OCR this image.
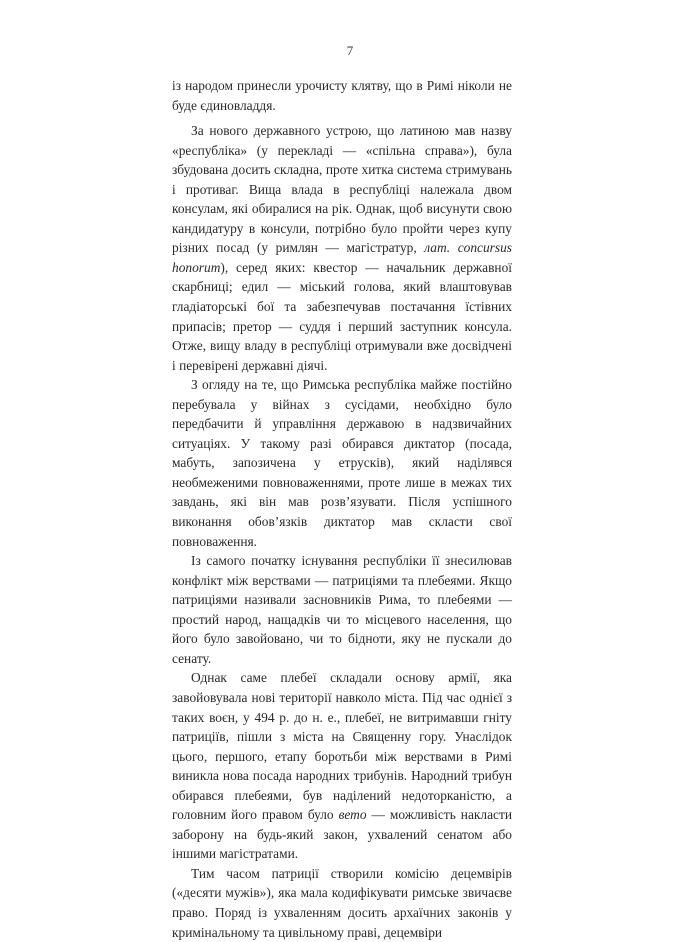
7

із народом принесли урочисту клятву, що в Римі ніколи не буде єдиновладдя.

За нового державного устрою, що латиною мав назву «республіка» (у перекладі — «спільна справа»), була збудована досить складна, проте хитка система стримувань і противаг. Вища влада в республіці належала двом консулам, які обиралися на рік. Однак, щоб висунути свою кандидатуру в консули, потрібно було пройти через купу різних посад (у римлян — магістратур, лат. concursus honorum), серед яких: квестор — начальник державної скарбниці; едил — міський голова, який влаштовував гладіаторські бої та забезпечував постачання їстівних припасів; претор — суддя і перший заступник консула. Отже, вищу владу в республіці отримували вже досвідчені і перевірені державні діячі.

З огляду на те, що Римська республіка майже постійно перебувала у війнах з сусідами, необхідно було передбачити й управління державою в надзвичайних ситуаціях. У такому разі обирався диктатор (посада, мабуть, запозичена у етрусків), який наділявся необмеженими повноваженнями, проте лише в межах тих завдань, які він мав розв’язувати. Після успішного виконання обов’язків диктатор мав скласти свої повноваження.

Із самого початку існування республіки її знесилював конфлікт між верствами — патриціями та плебеями. Якщо патриціями називали засновників Рима, то плебеями — простий народ, нащадків чи то місцевого населення, що його було завойовано, чи то бідноти, яку не пускали до сенату.

Однак саме плебеї складали основу армії, яка завойовувала нові території навколо міста. Під час однієї з таких воєн, у 494 р. до н. е., плебеї, не витримавши гніту патриціїв, пішли з міста на Священну гору. Унаслідок цього, першого, етапу боротьби між верствами в Римі виникла нова посада народних трибунів. Народний трибун обирався плебеями, був наділений недоторканістю, а головним його правом було вето — можливість накласти заборону на будь-який закон, ухвалений сенатом або іншими магістратами.

Тим часом патриції створили комісію децемвірів («десяти мужів»), яка мала кодифікувати римське звичаєве право. Поряд із ухваленням досить архаїчних законів у кримінальному та цивільному праві, децемвіри
